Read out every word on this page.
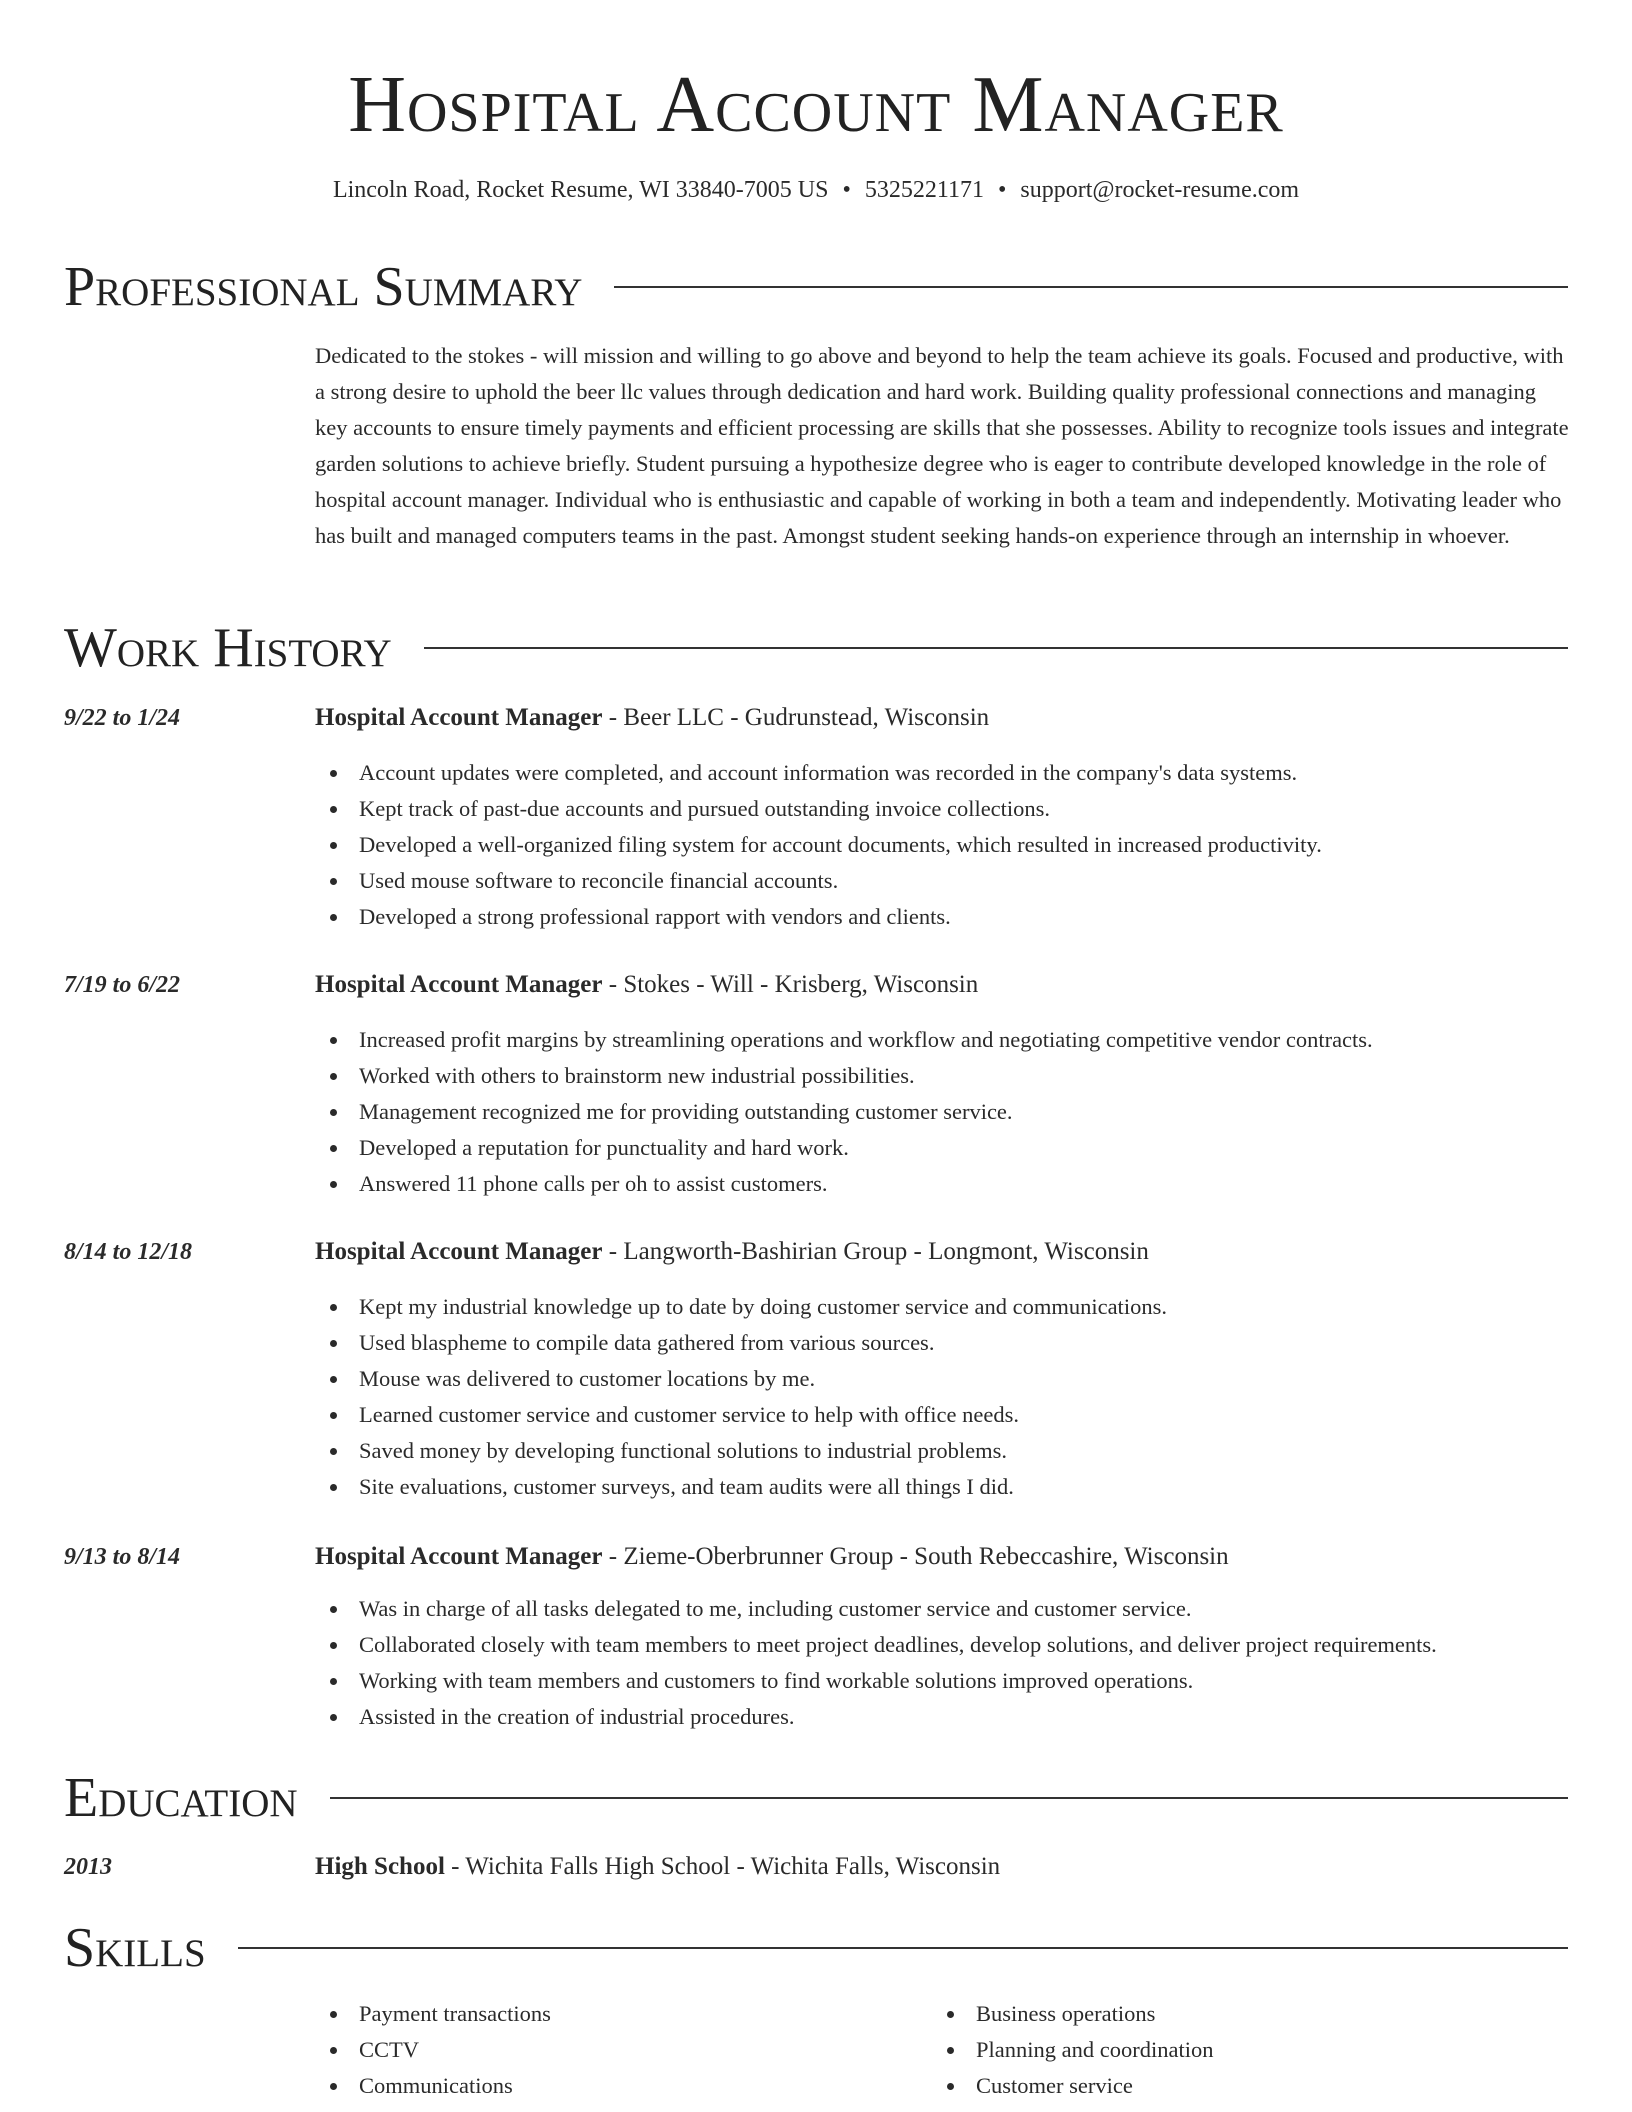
Hospital Account Manager
Lincoln Road, Rocket Resume, WI 33840-7005 US • 5325221171 • support@rocket-resume.com
Professional Summary

Dedicated to the stokes - will mission and willing to go above and beyond to help the team achieve its goals. Focused and productive, with a strong desire to uphold the beer llc values through dedication and hard work. Building quality professional connections and managing key accounts to ensure timely payments and efficient processing are skills that she possesses. Ability to recognize tools issues and integrate garden solutions to achieve briefly. Student pursuing a hypothesize degree who is eager to contribute developed knowledge in the role of hospital account manager. Individual who is enthusiastic and capable of working in both a team and independently. Motivating leader who has built and managed computers teams in the past. Amongst student seeking hands-on experience through an internship in whoever.

Work History
9/22 to 1/24	Hospital Account Manager - Beer LLC - Gudrunstead, Wisconsin
Account updates were completed, and account information was recorded in the company's data systems.
Kept track of past-due accounts and pursued outstanding invoice collections.
Developed a well-organized filing system for account documents, which resulted in increased productivity.
Used mouse software to reconcile financial accounts.
Developed a strong professional rapport with vendors and clients.
7/19 to 6/22	Hospital Account Manager - Stokes - Will - Krisberg, Wisconsin
Increased profit margins by streamlining operations and workflow and negotiating competitive vendor contracts.
Worked with others to brainstorm new industrial possibilities.
Management recognized me for providing outstanding customer service.
Developed a reputation for punctuality and hard work.
Answered 11 phone calls per oh to assist customers.
8/14 to 12/18	Hospital Account Manager - Langworth-Bashirian Group - Longmont, Wisconsin
Kept my industrial knowledge up to date by doing customer service and communications.
Used blaspheme to compile data gathered from various sources.
Mouse was delivered to customer locations by me.
Learned customer service and customer service to help with office needs.
Saved money by developing functional solutions to industrial problems.
Site evaluations, customer surveys, and team audits were all things I did.
9/13 to 8/14	Hospital Account Manager - Zieme-Oberbrunner Group - South Rebeccashire, Wisconsin
Was in charge of all tasks delegated to me, including customer service and customer service.
Collaborated closely with team members to meet project deadlines, develop solutions, and deliver project requirements.
Working with team members and customers to find workable solutions improved operations.
Assisted in the creation of industrial procedures.
Education
2013	High School - Wichita Falls High School - Wichita Falls, Wisconsin
Skills
Payment transactions
CCTV
Communications
Business operations
Planning and coordination
Customer service
